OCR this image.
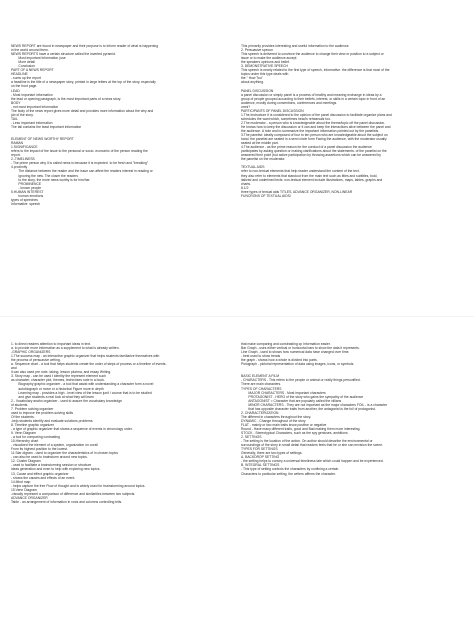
NEWS REPORT are found in newspaper and their purpose is to inform reader of what is happening
in the world around them.
NEWS REPORTS have a certain structure called the inverted pyramid.
Most important Information (use
More detail
Conclusion
PART OF A NEWS REPORT
HEADLINE
- sums up the report
a headline is the title of a newspaper story, printed in large letters at the top of the story, especially
on the front page.
LEAD
- Most important information
the lead or opening paragraph, is the most important parts of a news story.
BODY
- not most important information
The body of the news report gives more detail and provides more information about the why and
job of the story.
TAIL
- Less important information
The tail contains the least important information
ELEMENT OF NEWS WORTHY REPORT
RAMAN
1.SIGNIFICANCE
refers to the impact of the issue to the personal or socio- economic of the person reading the
report.
2.-TIMELINESS
- The prime person why it is called news is because it is expected  to be fresh and "breaking"
4.proximity
The distance between the reader and the issue can affect the readers interest in reading or
ignoring the new. The closer the readers
to the story, the more news worthy is for him/her.
PROMINENCE
- known people
5.HUMAN INTEREST
human emotions
types of speeches
Informative  speech
This primarily provides interesting and useful information to the audience.
2. Persuasive specun
This speech is delivered to convince the audience to change their view or position to a subject or
issue or to make the audience accept
the speakers opinions and belief.
3. DEMONSTRATIVE SPEECH
This speech is nearly related to the first type of speech, informative. the difference is that most of the
topics under this type deals with
the " How Tou"
about anything.
PANEL DISCUSSION
a panel discussion or simply panel is a process of healthy and meaning exchange in ideas by a
group of people grouped according to their beliefs, interest, or skills in a certain topic in front of an
audience, mostly during conventions, conferences and meetings.
omni?
PARTICIPANTS OF PANEL DISCUSSION
1.The Instructure It is considered to the opinion of the panel discussion to facilitate organize plans and
schedules the want which, sometimes head's rehearsals too.
2.The moderator - a person who is knowledgeable about the theme/topic off the panel discussion.
He knows how to keep the discussion or it can and keep the interactions alive between the panel and
the audience. A hole and to summarize the important information pointed out by the panelists.
3.The panelist: ideally composed of four to ten person who are knowledgeable about the subject on
hand. the panelist are seated in a semi circle form Facing the audience, with the moderator usually
seated at the middle part.
4.The audience - as the prime reason for the conduct of a panel discussion the audience
participates by asking question or making clarifications about the statements. of the panelist on the
answered their point (but active participation by throwing assertions which can be answered by
the panelist on the moderator.
TEXTUAL AIDS
refer to non-textual elements that help reader understand the content of the text.
they also refer to elements that standout from the main text such as titles and subtitles, bold,
italized and underlined texts. non-textual element include illustrations, maps, tables, graphs and
charts.
8.1/2
three types of textual aids TITLES, ADVANCE ORGANIZER, NON-LINEAR
FUNCRONS OF TEXTUAL AIDS/
1. to direct readers attention to important ideas in text.
a. to provide more information as a supplement to what is already written.
-GRAPHIC ORGANIZERS
1.The success map - an interactive graphic organizer that helps students familiarize themselves with
the process of persuasive writing.
a. Sequence chart - a tool that helps students create the order of steps of process or a timeline of events.
and
it can also used pre note- taking, lesson plurima, and essay Writing.
3. Story map - can be used t identity the represent element such
as character, character plot, themes, technoises note in a book.
Biography graphic organizer - a tool that assist with understanding a character form a novel
autobiograph or move or a historical Figure more in depth
Learning map - provides a high - level view of the lesson junit / course that is to be studied
and give students a real look at what they will learn
2.- Vocabulary anaho organizer - used to assure the vocabulary knowledge
of students.
7. Problem solving organizer
used to improve the problem-solving skills
Of the students.
-help students identify and evaluate solutions problems.
8. Timeline graphic organizer
- a type of graphic organizer that shows a sequence of events in chronology order.
9. Venn Diagram
- a tool for comparing contrasting
10.Hierarchy chart
- visualized the element of a system, organization on corall
From its highest position to the lowest.
11.Star digram - used to organizer the characteristics of in chosen topics
- can also be used to brainstorm around new topics.
12. Cluster Diagram
- used to facilitate a brainstorming session or structure
ideas generation and even to help with exploring new topics.
13. Cause and effect graphic organizer
- shows the causes and effects of an event.
14.Mind map
- helps capture the free Flow of thought and is widely used for brainstorming around topics.
15.Venn Diagram
-visually represent a comparison of difference and similarities between two subjects.
ADVANCE ORGANIZER
Table - an arrangement of information in rows and columns controlling tells.
that make comparing and constrasting cp Information easier.
Bar Graph - uses either vertical or horizontal bars to show the data it represents.
Line Graph - used to shows how numerical data have changed over time.
- best used to show trends
the graph - shows how a whole is divided into parts.
Pictograph - pictorial representation of data using images, icons, or symbols.
BASIC ELEMENT A FILM
- CHARACTERS - This refers to the people or animal or really things personified.
There are main characters.
TYPES OF CHARACTERS
MAJOR CHARACTERS - Most important characters
PROTAGONIST - HERO of the story who gains the sympathy of the audience
ANTAGONIST = Character that are popularly called the villians
MINOR CHARACTERS - They are not important as the major characters FOIL - is a character
that has opposite character traits from another, the antagonist is the foil of protagonist.
2. CHARACTERIZATION
The different in characters throughout the story.
DYNAMIC - Change throughout of the story
FLAT - mainly or two main traits know positive or negative
Round - Have many different traits, good and Bad making them more interesting.
STOCK - Stereotypical Characters, such as the spy geniuses, ambitions
2. SETTINGS
- The setting is the location of the action. On author should describe the environmental or
surroundings of the story in small detail that readers feels that he or she can envision the scene.
TYPES FOR SETTINGS
Generally, there are two types of settings.
A. BACKDROP SETTING
- the setting helps to convey a universal timeliness tale which could happen and be experienced.
B. INTEGRAL SETTINGS
- This type of setting controls the characters by confining a certain
Characters to particular setting, the writers affirms the character.
